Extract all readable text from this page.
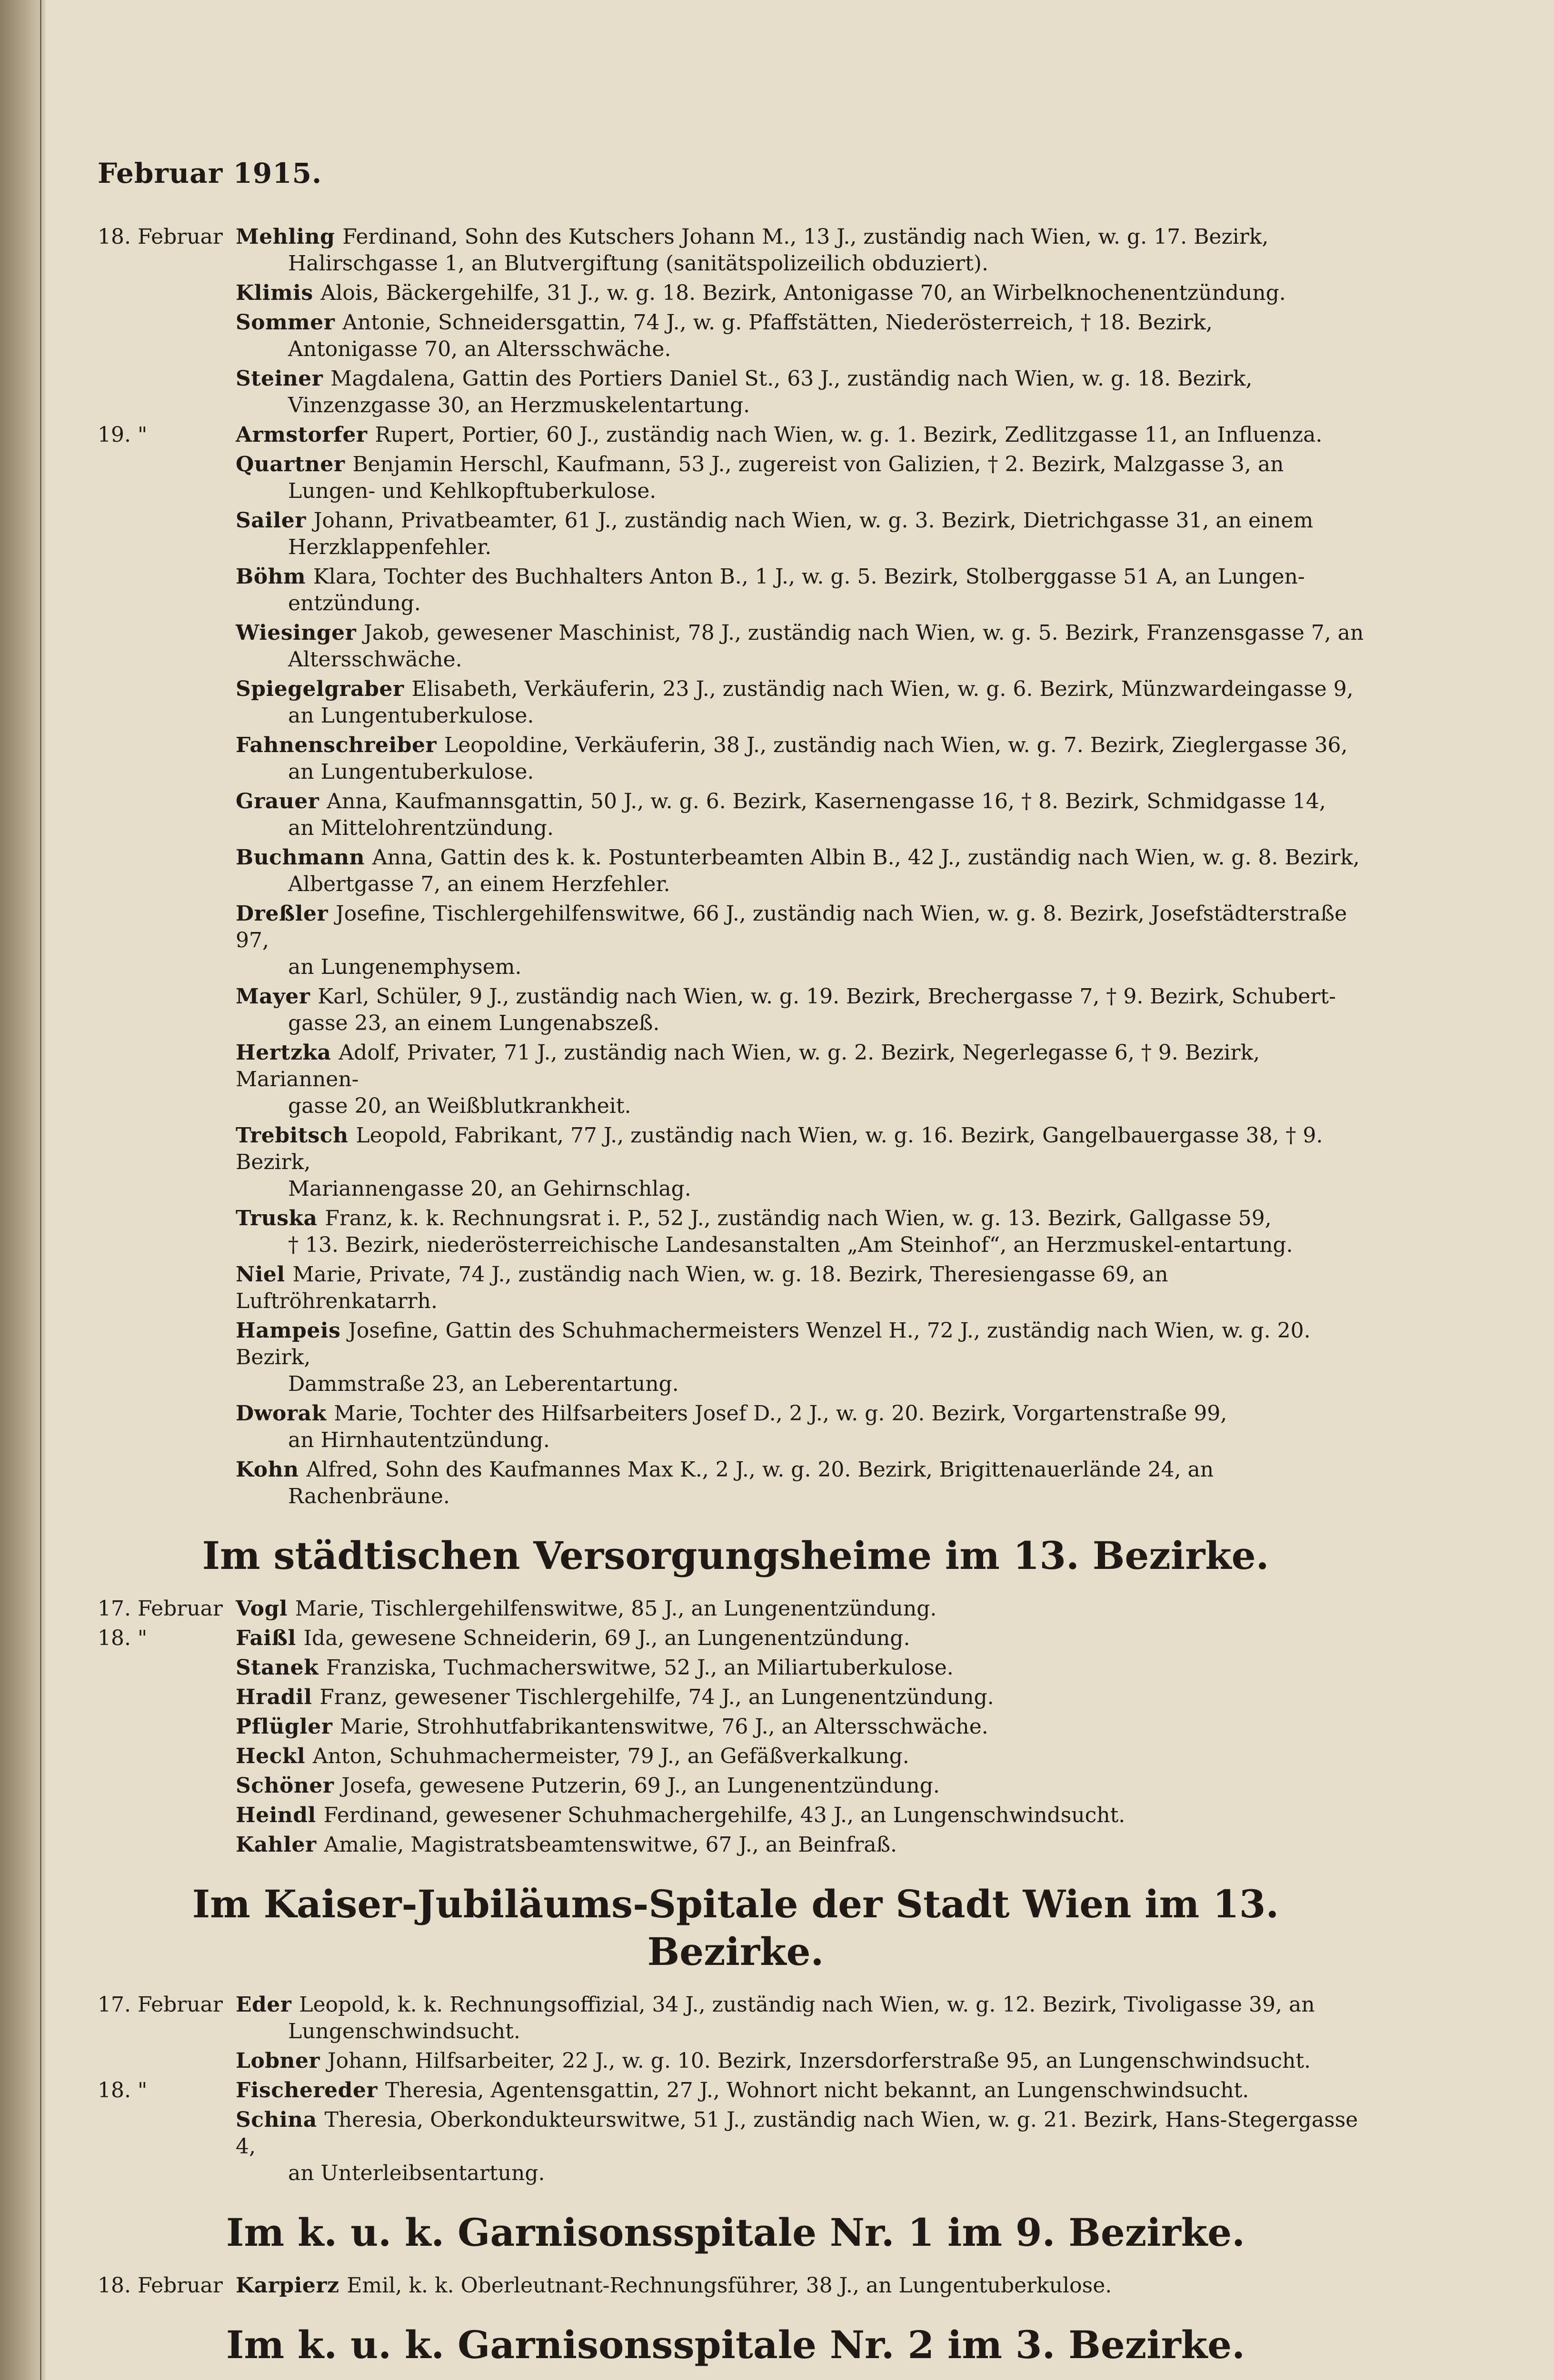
Februar 1915.
18. Februar Mehling Ferdinand, Sohn des Kutschers Johann M., 13 J., zuständig nach Wien, w. g. 17. Bezirk,
Halirschgasse 1, an Blutvergiftung (sanitätspolizeilich obduziert).
Klimis Alois, Bäckergehilfe, 31 J., w. g. 18. Bezirk, Antonigasse 70, an Wirbelknochenentzündung.
Sommer Antonie, Schneidersgattin, 74 J., w. g. Pfaffstätten, Niederösterreich, † 18. Bezirk,
Antonigasse 70, an Altersschwäche.
Steiner Magdalena, Gattin des Portiers Daniel St., 63 J., zuständig nach Wien, w. g. 18. Bezirk,
Vinzenzgasse 30, an Herzmuskelentartung.
19. "	Armstorfer Rupert, Portier, 60 J., zuständig nach Wien, w. g. 1. Bezirk, Zedlitzgasse 11, an Influenza.
Quartner Benjamin Herschl, Kaufmann, 53 J., zugereist von Galizien, † 2. Bezirk, Malzgasse 3, an
Lungen- und Kehlkopftuberkulose.
Sailer Johann, Privatbeamter, 61 J., zuständig nach Wien, w. g. 3. Bezirk, Dietrichgasse 31, an einem
Herzklappenfehler.
Böhm Klara, Tochter des Buchhalters Anton B., 1 J., w. g. 5. Bezirk, Stolberggasse 51 A, an Lungen-
entzündung.
Wiesinger Jakob, gewesener Maschinist, 78 J., zuständig nach Wien, w. g. 5. Bezirk, Franzensgasse 7, an
Altersschwäche.
Spiegelgraber Elisabeth, Verkäuferin, 23 J., zuständig nach Wien, w. g. 6. Bezirk, Münzwardeingasse 9,
an Lungentuberkulose.
Fahnenschreiber Leopoldine, Verkäuferin, 38 J., zuständig nach Wien, w. g. 7. Bezirk, Zieglergasse 36,
an Lungentuberkulose.
Grauer Anna, Kaufmannsgattin, 50 J., w. g. 6. Bezirk, Kasernengasse 16, † 8. Bezirk, Schmidgasse 14,
an Mittelohrentzündung.
Buchmann Anna, Gattin des k. k. Postunterbeamten Albin B., 42 J., zuständig nach Wien, w. g. 8. Bezirk,
Albertgasse 7, an einem Herzfehler.
Dreßler Josefine, Tischlergehilfenswitwe, 66 J., zuständig nach Wien, w. g. 8. Bezirk, Josefstädterstraße 97,
an Lungenemphysem.
Mayer Karl, Schüler, 9 J., zuständig nach Wien, w. g. 19. Bezirk, Brechergasse 7, † 9. Bezirk, Schubert-
gasse 23, an einem Lungenabszeß.
Hertzka Adolf, Privater, 71 J., zuständig nach Wien, w. g. 2. Bezirk, Negerlegasse 6, † 9. Bezirk, Mariannen-
gasse 20, an Weißblutkrankheit.
Trebitsch Leopold, Fabrikant, 77 J., zuständig nach Wien, w. g. 16. Bezirk, Gangelbauergasse 38, † 9. Bezirk,
Mariannengasse 20, an Gehirnschlag.
Truska Franz, k. k. Rechnungsrat i. P., 52 J., zuständig nach Wien, w. g. 13. Bezirk, Gallgasse 59,
† 13. Bezirk, niederösterreichische Landesanstalten „Am Steinhof“, an Herzmuskel-entartung.
Niel Marie, Private, 74 J., zuständig nach Wien, w. g. 18. Bezirk, Theresiengasse 69, an Luftröhrenkatarrh.
Hampeis Josefine, Gattin des Schuhmachermeisters Wenzel H., 72 J., zuständig nach Wien, w. g. 20. Bezirk,
Dammstraße 23, an Leberentartung.
Dworak Marie, Tochter des Hilfsarbeiters Josef D., 2 J., w. g. 20. Bezirk, Vorgartenstraße 99,
an Hirnhautentzündung.
Kohn Alfred, Sohn des Kaufmannes Max K., 2 J., w. g. 20. Bezirk, Brigittenauerlände 24, an
Rachenbräune.
Im städtischen Versorgungsheime im 13. Bezirke.
17. Februar Vogl Marie, Tischlergehilfenswitwe, 85 J., an Lungenentzündung.
18. "	Faißl Ida, gewesene Schneiderin, 69 J., an Lungenentzündung.
Stanek Franziska, Tuchmacherswitwe, 52 J., an Miliartuberkulose.
Hradil Franz, gewesener Tischlergehilfe, 74 J., an Lungenentzündung.
Pflügler Marie, Strohhutfabrikantenswitwe, 76 J., an Altersschwäche.
Heckl Anton, Schuhmachermeister, 79 J., an Gefäßverkalkung.
Schöner Josefa, gewesene Putzerin, 69 J., an Lungenentzündung.
Heindl Ferdinand, gewesener Schuhmachergehilfe, 43 J., an Lungenschwindsucht.
Kahler Amalie, Magistratsbeamtenswitwe, 67 J., an Beinfraß.
Im Kaiser-Jubiläums-Spitale der Stadt Wien im 13. Bezirke.
17. Februar Eder Leopold, k. k. Rechnungsoffizial, 34 J., zuständig nach Wien, w. g. 12. Bezirk, Tivoligasse 39, an
Lungenschwindsucht.
Lobner Johann, Hilfsarbeiter, 22 J., w. g. 10. Bezirk, Inzersdorferstraße 95, an Lungenschwindsucht.
18. "	Fischereder Theresia, Agentensgattin, 27 J., Wohnort nicht bekannt, an Lungenschwindsucht.
Schina Theresia, Oberkondukteurswitwe, 51 J., zuständig nach Wien, w. g. 21. Bezirk, Hans-Stegergasse 4,
an Unterleibsentartung.
Im k. u. k. Garnisonsspitale Nr. 1 im 9. Bezirke.
18. Februar Karpierz Emil, k. k. Oberleutnant-Rechnungsführer, 38 J., an Lungentuberkulose.
Im k. u. k. Garnisonsspitale Nr. 2 im 3. Bezirke.
